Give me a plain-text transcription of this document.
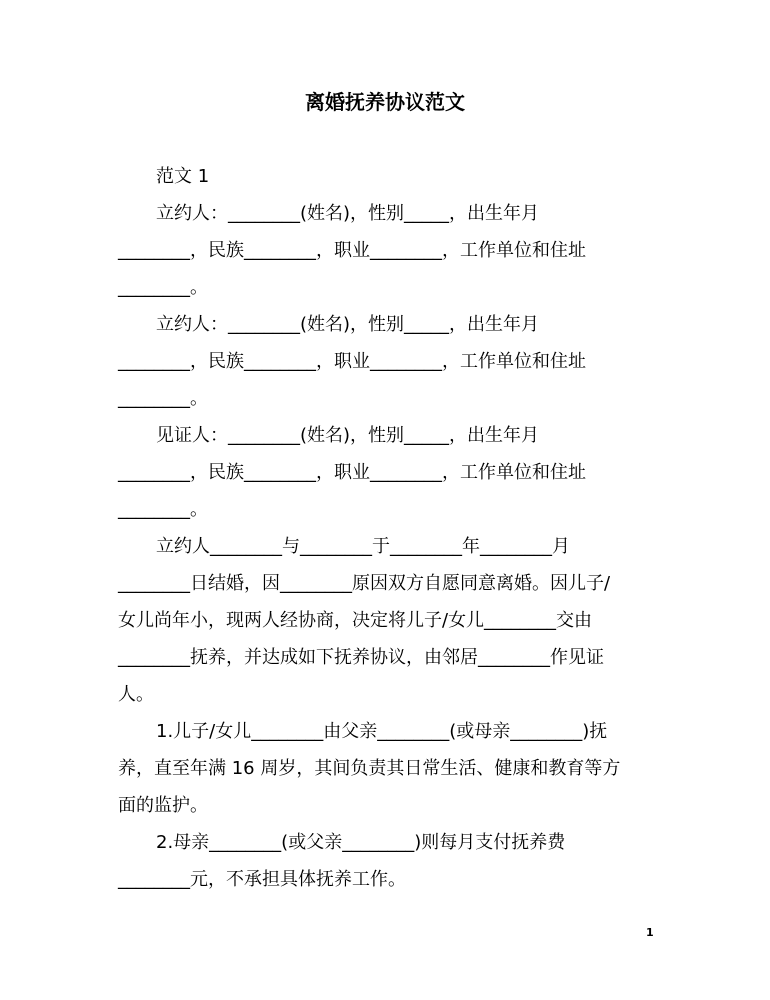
离婚抚养协议范文
范文 1
立约人：________(姓名)，性别_____，出生年月
________，民族________，职业________，工作单位和住址
________。
立约人：________(姓名)，性别_____，出生年月
________，民族________，职业________，工作单位和住址
________。
见证人：________(姓名)，性别_____，出生年月
________，民族________，职业________，工作单位和住址
________。
立约人________与________于________年________月
________日结婚，因________原因双方自愿同意离婚。因儿子/
女儿尚年小，现两人经协商，决定将儿子/女儿________交由
________抚养，并达成如下抚养协议，由邻居________作见证
人。
1.儿子/女儿________由父亲________(或母亲________)抚
养，直至年满 16 周岁，其间负责其日常生活、健康和教育等方
面的监护。
2.母亲________(或父亲________)则每月支付抚养费
________元，不承担具体抚养工作。
1
